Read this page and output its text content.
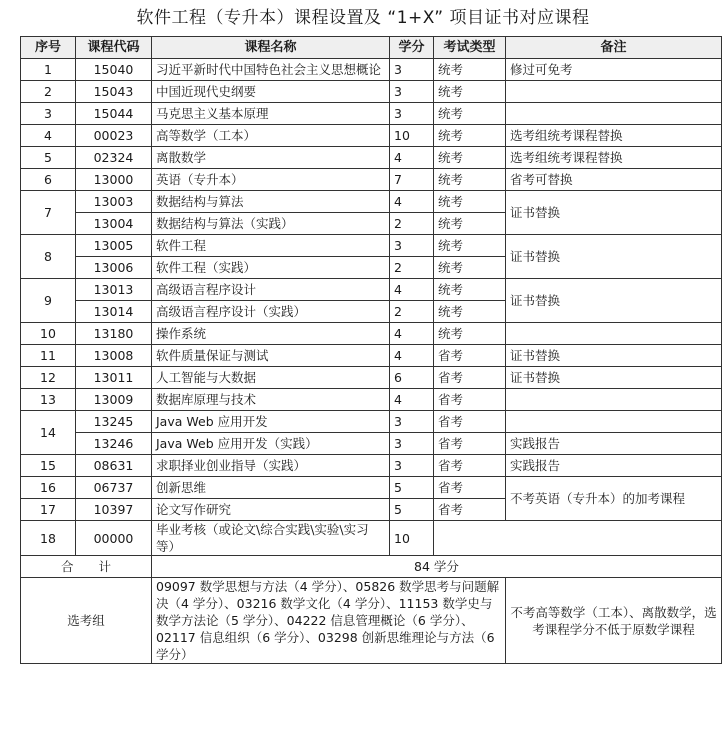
软件工程（专升本）课程设置及 “1+X” 项目证书对应课程
序号	课程代码	课程名称	学分	考试类型	备注
1	15040	习近平新时代中国特色社会主义思想概论	3	统考	修过可免考
2	15043	中国近现代史纲要	3	统考	
3	15044	马克思主义基本原理	3	统考	
4	00023	高等数学（工本）	10	统考	选考组统考课程替换
5	02324	离散数学	4	统考	选考组统考课程替换
6	13000	英语（专升本）	7	统考	省考可替换
7	13003	数据结构与算法	4	统考	证书替换
	13004	数据结构与算法（实践）	2	统考	
8	13005	软件工程	3	统考	证书替换
	13006	软件工程（实践）	2	统考	
9	13013	高级语言程序设计	4	统考	证书替换
	13014	高级语言程序设计（实践）	2	统考	
10	13180	操作系统	4	统考	
11	13008	软件质量保证与测试	4	省考	证书替换
12	13011	人工智能与大数据	6	省考	证书替换
13	13009	数据库原理与技术	4	省考	
14	13245	Java Web 应用开发	3	省考	
	13246	Java Web 应用开发（实践）	3	省考	实践报告
15	08631	求职择业创业指导（实践）	3	省考	实践报告
16	06737	创新思维	5	省考	不考英语（专升本）的加考课程
17	10397	论文写作研究	5	省考	
18	00000	毕业考核（或论文\综合实践\实验\实习等）	10		
合　　计		84 学分			
选考组		09097 数学思想与方法（4 学分）、05826 数学思考与问题解决（4 学分）、03216 数学文化（4 学分）、11153 数学史与数学方法论（5 学分）、04222 信息管理概论（6 学分）、02117 信息组织（6 学分）、03298 创新思维理论与方法（6 学分）			不考高等数学（工本）、离散数学，选考课程学分不低于原数学课程
